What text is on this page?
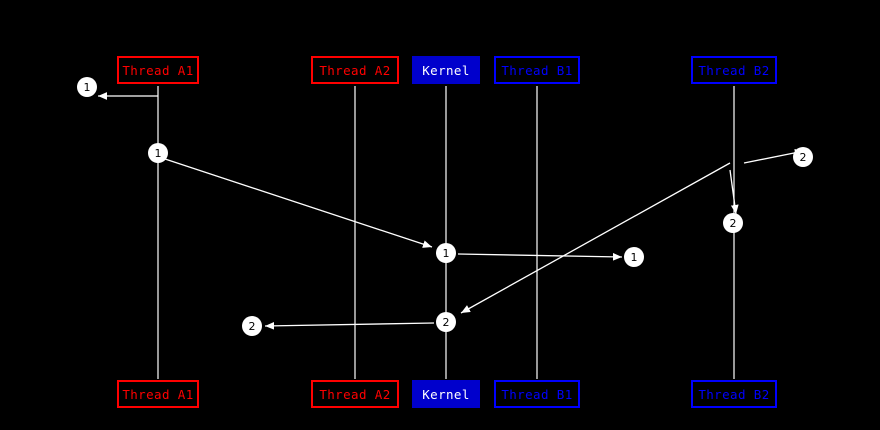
Thread A1	Thread A2	Kernel	Thread B1	Thread B2
Thread A1	Thread A2	Kernel	Thread B1	Thread B2
1
1	2
2
1	1
2	2
